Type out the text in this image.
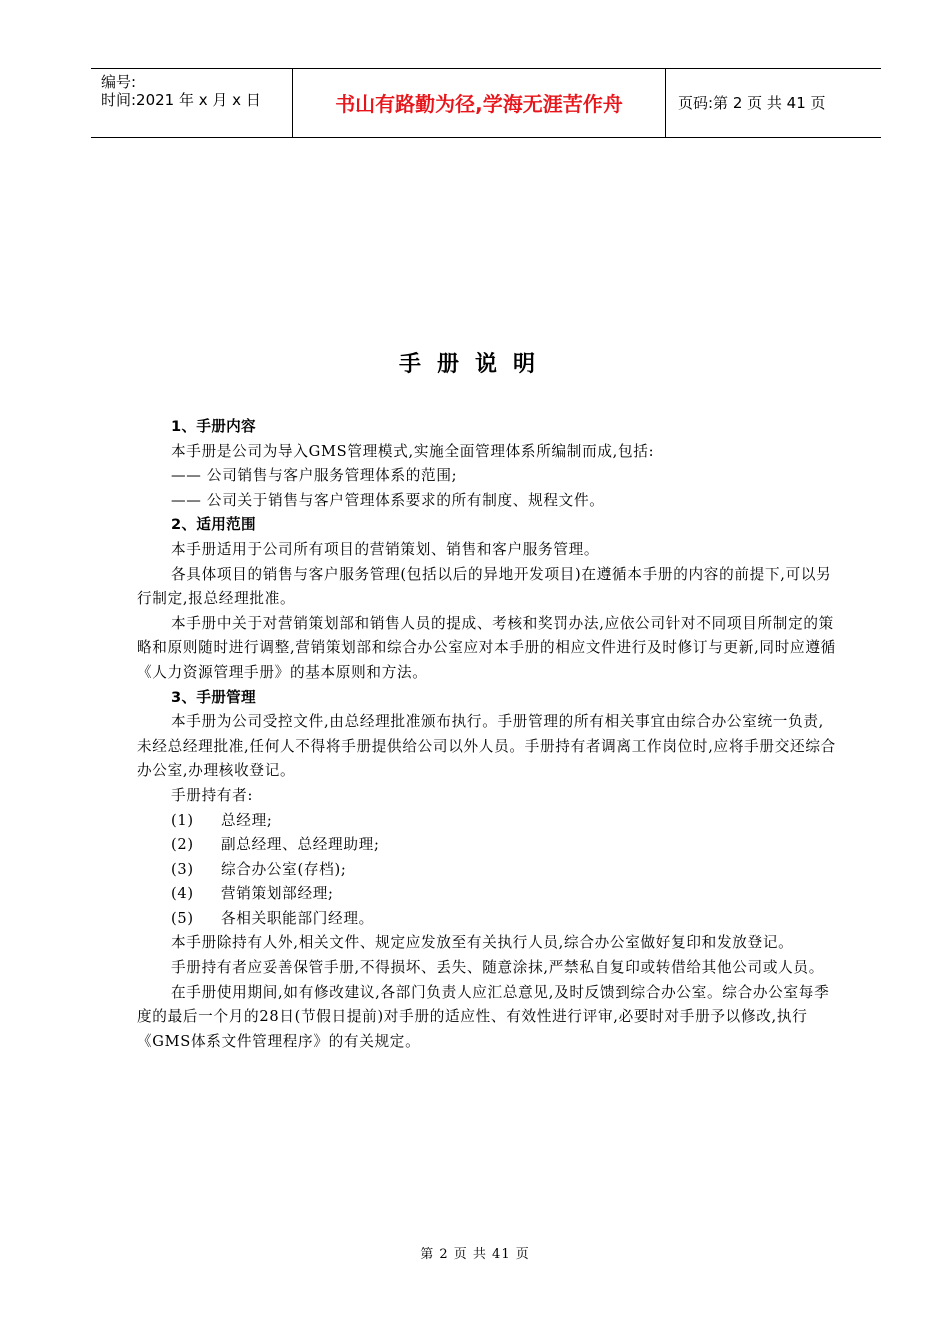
编号:
时间:2021 年 x 月 x 日	书山有路勤为径,学海无涯苦作舟	页码:第 2 页 共 41 页
手册说明

1、手册内容

本手册是公司为导入GMS管理模式,实施全面管理体系所编制而成,包括:

—— 公司销售与客户服务管理体系的范围;

—— 公司关于销售与客户管理体系要求的所有制度、规程文件。

2、适用范围

本手册适用于公司所有项目的营销策划、销售和客户服务管理。

各具体项目的销售与客户服务管理(包括以后的异地开发项目)在遵循本手册的内容的前提下,可以另行制定,报总经理批准。

本手册中关于对营销策划部和销售人员的提成、考核和奖罚办法,应依公司针对不同项目所制定的策略和原则随时进行调整,营销策划部和综合办公室应对本手册的相应文件进行及时修订与更新,同时应遵循《人力资源管理手册》的基本原则和方法。

3、手册管理

本手册为公司受控文件,由总经理批准颁布执行。手册管理的所有相关事宜由综合办公室统一负责,未经总经理批准,任何人不得将手册提供给公司以外人员。手册持有者调离工作岗位时,应将手册交还综合办公室,办理核收登记。

手册持有者:

(1) 总经理;

(2) 副总经理、总经理助理;

(3) 综合办公室(存档);

(4) 营销策划部经理;

(5) 各相关职能部门经理。

本手册除持有人外,相关文件、规定应发放至有关执行人员,综合办公室做好复印和发放登记。

手册持有者应妥善保管手册,不得损坏、丢失、随意涂抹,严禁私自复印或转借给其他公司或人员。

在手册使用期间,如有修改建议,各部门负责人应汇总意见,及时反馈到综合办公室。综合办公室每季度的最后一个月的28日(节假日提前)对手册的适应性、有效性进行评审,必要时对手册予以修改,执行《GMS体系文件管理程序》的有关规定。

第 2 页 共 41 页
